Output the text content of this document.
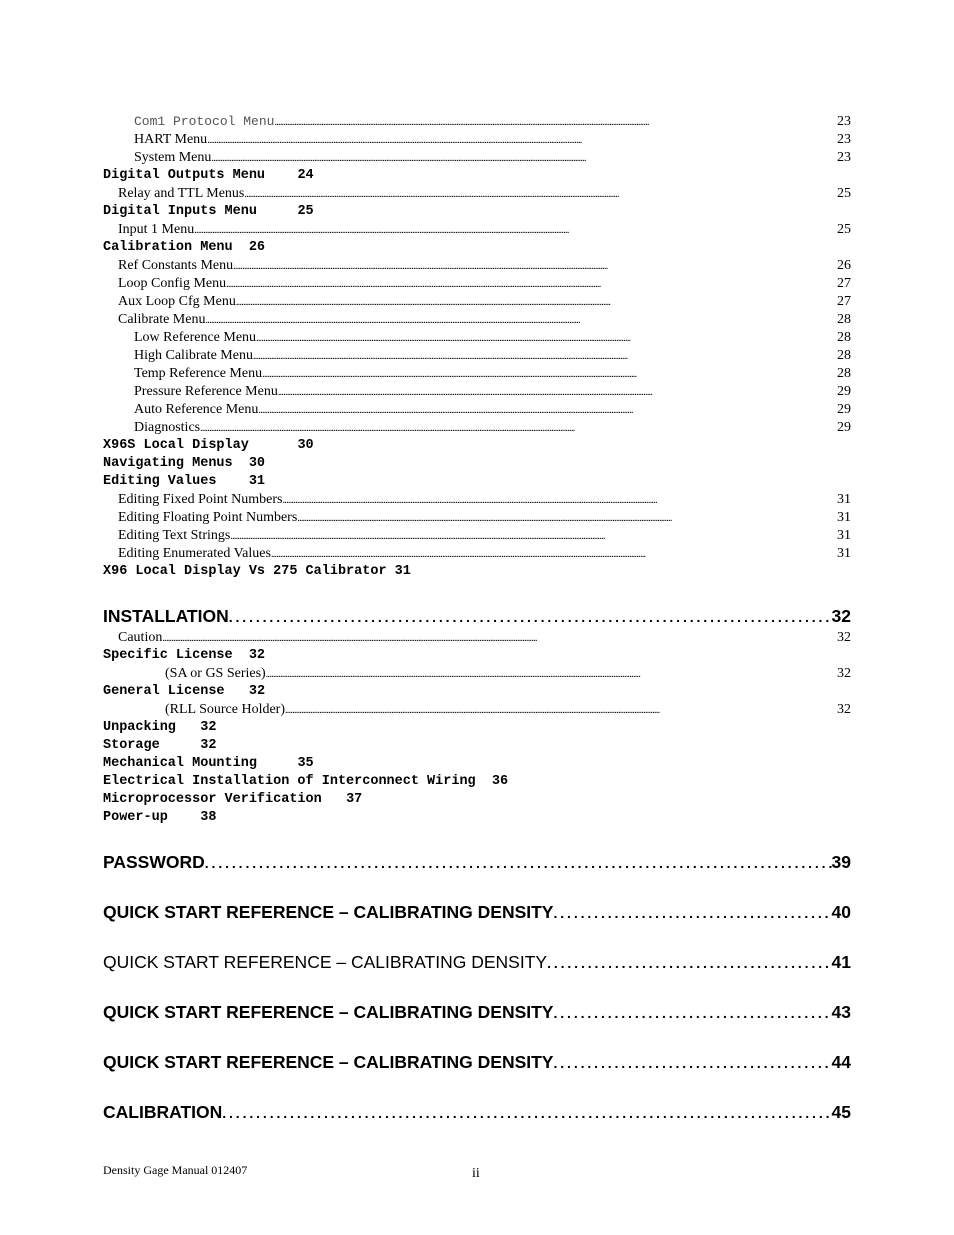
Com1 Protocol Menu . . .	23
HART Menu . . .	23
System Menu . . .	23
Digital Outputs Menu 24
Relay and TTL Menus . . .	25
Digital Inputs Menu	25
Input 1 Menu . . .	25
Calibration Menu 26
Ref Constants Menu . . .	26
Loop Config Menu . . .	27
Aux Loop Cfg Menu . . .	27
Calibrate Menu . . .	28
Low Reference Menu . . .	28
High Calibrate Menu . . .	28
Temp Reference Menu . . .	28
Pressure Reference Menu . . .	29
Auto Reference Menu . . .	29
Diagnostics . . .	29
X96S Local Display	30
Navigating Menus 30
Editing Values 31
Editing Fixed Point Numbers . . .	31
Editing Floating Point Numbers . . .	31
Editing Text Strings . . .	31
Editing Enumerated Values . . .	31
X96 Local Display Vs 275 Calibrator 31
INSTALLATION . . .	32
Caution . . .	32
Specific License 32
(SA or GS Series) . . .	32
General License 32
(RLL Source Holder) . . .	32
Unpacking 32
Storage	32
Mechanical Mounting	35
Electrical Installation of Interconnect Wiring 36
Microprocessor Verification 37
Power-up 38
PASSWORD . . .	39
QUICK START REFERENCE – CALIBRATING DENSITY . . .	40
QUICK START REFERENCE – CALIBRATING DENSITY . . .	41
QUICK START REFERENCE – CALIBRATING DENSITY . . .	43
QUICK START REFERENCE – CALIBRATING DENSITY . . .	44
CALIBRATION . . .	45
Density Gage Manual 012407	ii
